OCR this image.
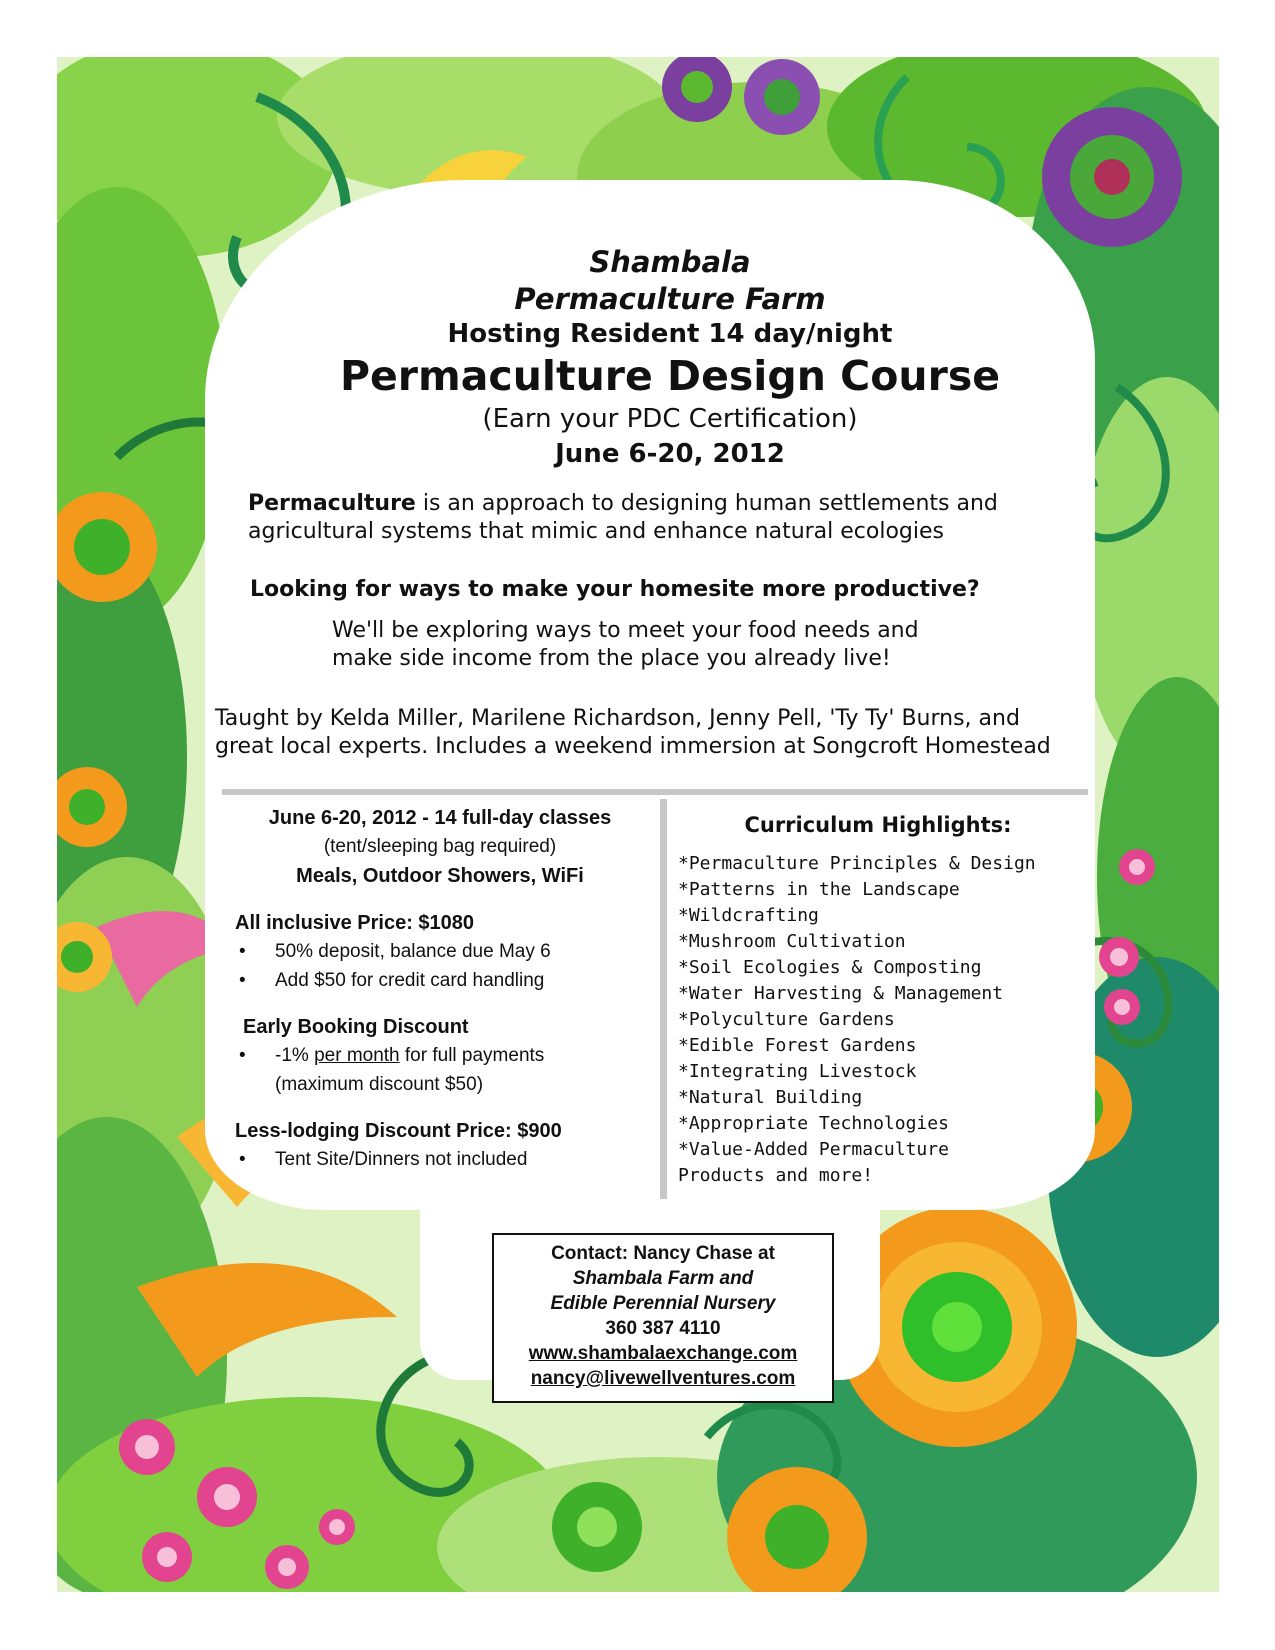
Shambala
Permaculture Farm
Hosting Resident 14 day/night
Permaculture Design Course
(Earn your PDC Certification)
June 6-20, 2012
Permaculture is an approach to designing human settlements and agricultural systems that mimic and enhance natural ecologies
Looking for ways to make your homesite more productive?
We'll be exploring ways to meet your food needs and
make side income from the place you already live!
Taught by Kelda Miller, Marilene Richardson, Jenny Pell, 'Ty Ty' Burns, and
great local experts. Includes a weekend immersion at Songcroft Homestead
June 6-20, 2012 - 14 full-day classes
(tent/sleeping bag required)
Meals, Outdoor Showers, WiFi
All inclusive Price: $1080
• 50% deposit, balance due May 6
• Add $50 for credit card handling
Early Booking Discount
• -1% per month for full payments
(maximum discount $50)
Less-lodging Discount Price: $900
• Tent Site/Dinners not included
Curriculum Highlights:
*Permaculture Principles & Design
*Patterns in the Landscape
*Wildcrafting
*Mushroom Cultivation
*Soil Ecologies & Composting
*Water Harvesting & Management
*Polyculture Gardens
*Edible Forest Gardens
*Integrating Livestock
*Natural Building
*Appropriate Technologies
*Value-Added Permaculture
Products and more!
Contact: Nancy Chase at
Shambala Farm and
Edible Perennial Nursery
360 387 4110
www.shambalaexchange.com
nancy@livewellventures.com
